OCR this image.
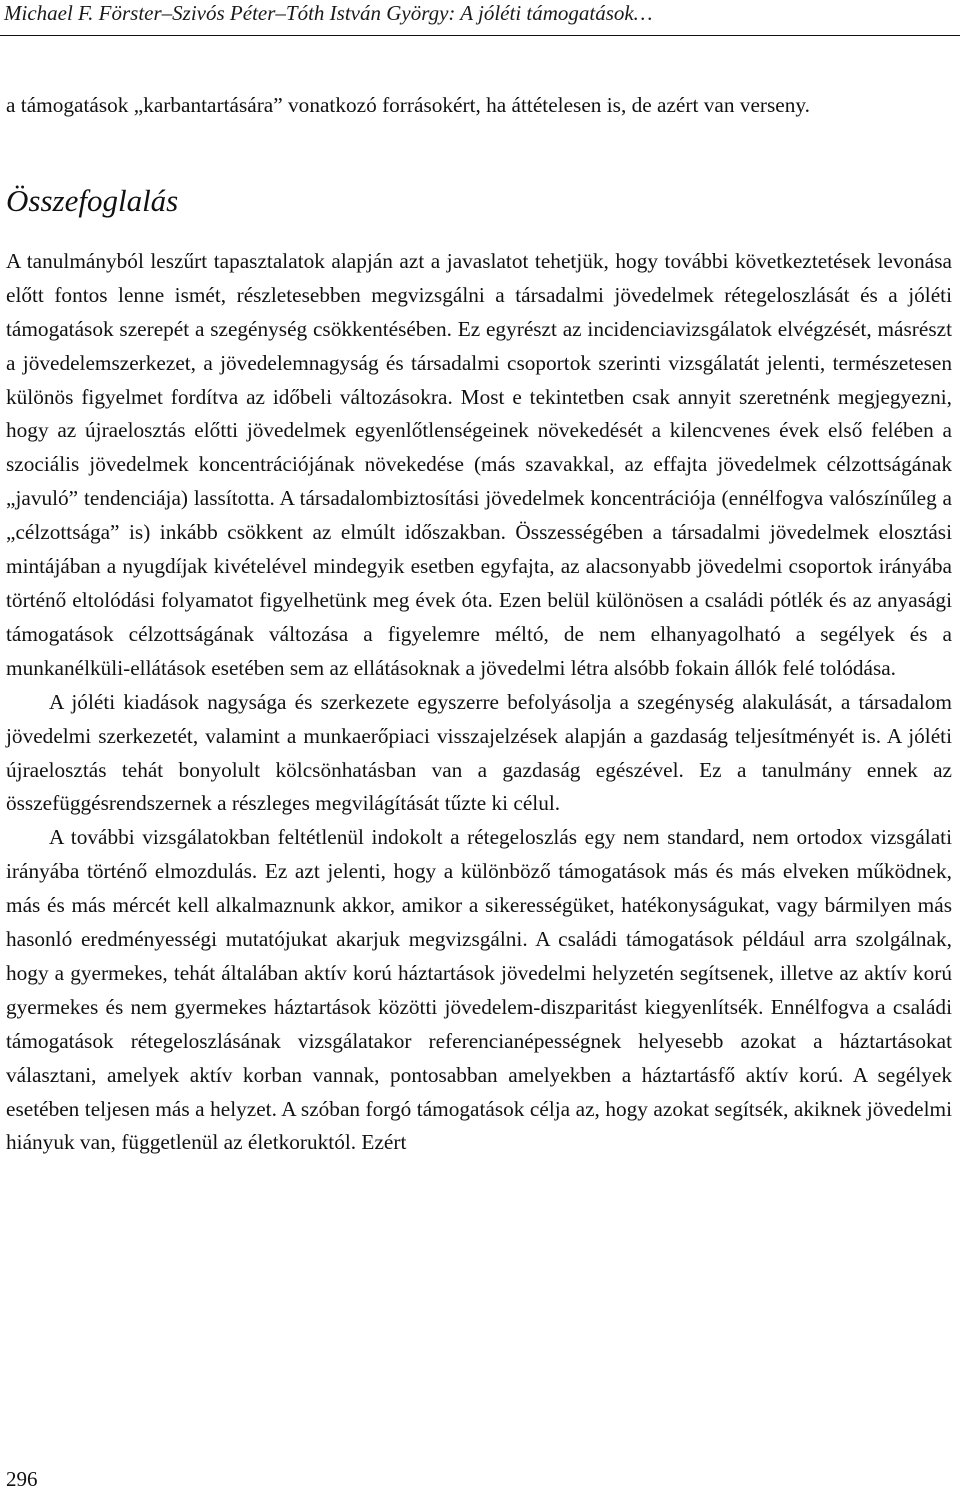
Michael F. Förster–Szivós Péter–Tóth István György: A jóléti támogatások…

a támogatások „karbantartására” vonatkozó forrásokért, ha áttételesen is, de azért van verseny.

Összefoglalás

A tanulmányból leszűrt tapasztalatok alapján azt a javaslatot tehetjük, hogy további következtetések levonása előtt fontos lenne ismét, részletesebben megvizsgálni a társadalmi jövedelmek rétegeloszlását és a jóléti támogatások szerepét a szegénység csökkentésében. Ez egyrészt az incidenciavizsgálatok elvégzését, másrészt a jövedelemszerkezet, a jövedelemnagyság és társadalmi csoportok szerinti vizsgálatát jelenti, természetesen különös figyelmet fordítva az időbeli változásokra. Most e tekintetben csak annyit szeretnénk megjegyezni, hogy az újraelosztás előtti jövedelmek egyenlőtlenségeinek növekedését a kilencvenes évek első felében a szociális jövedelmek koncentrációjának növekedése (más szavakkal, az effajta jövedelmek célzottságának „javuló” tendenciája) lassította. A társadalombiztosítási jövedelmek koncentrációja (ennélfogva valószínűleg a „célzottsága” is) inkább csökkent az elmúlt időszakban. Összességében a társadalmi jövedelmek elosztási mintájában a nyugdíjak kivételével mindegyik esetben egyfajta, az alacsonyabb jövedelmi csoportok irányába történő eltolódási folyamatot figyelhetünk meg évek óta. Ezen belül különösen a családi pótlék és az anyasági támogatások célzottságának változása a figyelemre méltó, de nem elhanyagolható a segélyek és a munkanélküli-ellátások esetében sem az ellátásoknak a jövedelmi létra alsóbb fokain állók felé tolódása.

A jóléti kiadások nagysága és szerkezete egyszerre befolyásolja a szegénység alakulását, a társadalom jövedelmi szerkezetét, valamint a munkaerőpiaci visszajelzések alapján a gazdaság teljesítményét is. A jóléti újraelosztás tehát bonyolult kölcsönhatásban van a gazdaság egészével. Ez a tanulmány ennek az összefüggésrendszernek a részleges megvilágítását tűzte ki célul.

A további vizsgálatokban feltétlenül indokolt a rétegeloszlás egy nem standard, nem ortodox vizsgálati irányába történő elmozdulás. Ez azt jelenti, hogy a különböző támogatások más és más elveken működnek, más és más mércét kell alkalmaznunk akkor, amikor a sikerességüket, hatékonyságukat, vagy bármilyen más hasonló eredményességi mutatójukat akarjuk megvizsgálni. A családi támogatások például arra szolgálnak, hogy a gyermekes, tehát általában aktív korú háztartások jövedelmi helyzetén segítsenek, illetve az aktív korú gyermekes és nem gyermekes háztartások közötti jövedelem-diszparitást kiegyenlítsék. Ennélfogva a családi támogatások rétegeloszlásának vizsgálatakor referencianépességnek helyesebb azokat a háztartásokat választani, amelyek aktív korban vannak, pontosabban amelyekben a háztartásfő aktív korú. A segélyek esetében teljesen más a helyzet. A szóban forgó támogatások célja az, hogy azokat segítsék, akiknek jövedelmi hiányuk van, függetlenül az életkoruktól. Ezért

296
